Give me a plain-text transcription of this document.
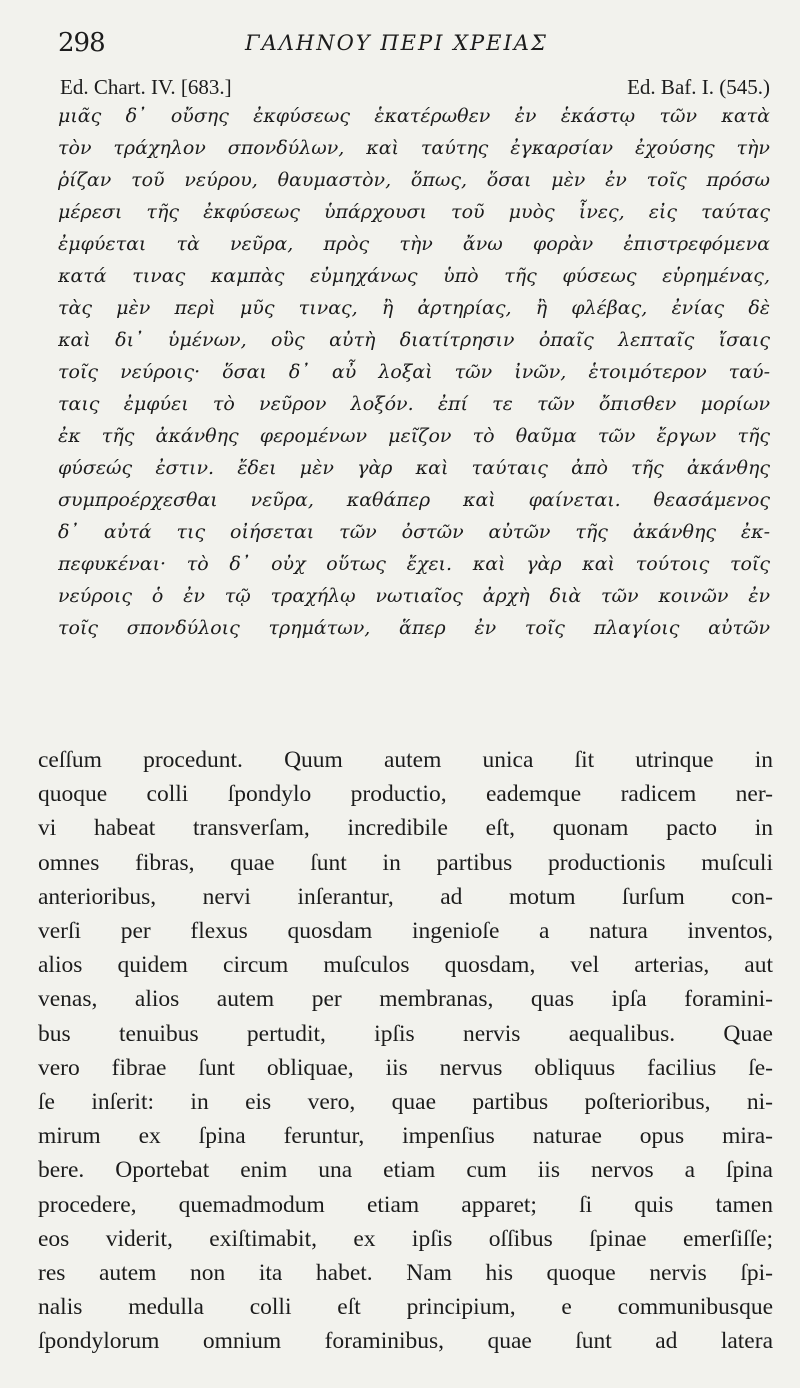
298	ΓΑΛΗΝΟΥ ΠΕΡΙ ΧΡΕΙΑΣ
Ed. Chart. IV. [683.]	Ed. Baf. I. (545.)
μιᾶς δ᾽ οὔσης ἐκφύσεως ἑκατέρωθεν ἐν ἑκάστῳ τῶν κατὰ
τὸν τράχηλον σπονδύλων, καὶ ταύτης ἐγκαρσίαν ἐχούσης τὴν
ῥίζαν τοῦ νεύρου, θαυμαστὸν, ὅπως, ὅσαι μὲν ἐν τοῖς πρόσω
μέρεσι τῆς ἐκφύσεως ὑπάρχουσι τοῦ μυὸς ἶνες, εἰς ταύτας
ἐμφύεται τὰ νεῦρα, πρὸς τὴν ἄνω φορὰν ἐπιστρεφόμενα
κατά τινας καμπὰς εὐμηχάνως ὑπὸ τῆς φύσεως εὑρημένας,
τὰς μὲν περὶ μῦς τινας, ἢ ἀρτηρίας, ἢ φλέβας, ἐνίας δὲ
καὶ δι᾽ ὑμένων, οὓς αὐτὴ διατίτρησιν ὀπαῖς λεπταῖς ἴσαις
τοῖς νεύροις· ὅσαι δ᾽ αὖ λοξαὶ τῶν ἰνῶν, ἑτοιμότερον ταύ-
ταις ἐμφύει τὸ νεῦρον λοξόν. ἐπί τε τῶν ὄπισθεν μορίων
ἐκ τῆς ἀκάνθης φερομένων μεῖζον τὸ θαῦμα τῶν ἔργων τῆς
φύσεώς ἐστιν. ἔδει μὲν γὰρ καὶ ταύταις ἀπὸ τῆς ἀκάνθης
συμπροέρχεσθαι νεῦρα, καθάπερ καὶ φαίνεται. θεασάμενος
δ᾽ αὐτά τις οἰήσεται τῶν ὀστῶν αὐτῶν τῆς ἀκάνθης ἐκ-
πεφυκέναι· τὸ δ᾽ οὐχ οὕτως ἔχει. καὶ γὰρ καὶ τούτοις τοῖς
νεύροις ὁ ἐν τῷ τραχήλῳ νωτιαῖος ἀρχὴ διὰ τῶν κοινῶν ἐν
τοῖς σπονδύλοις τρημάτων, ἅπερ ἐν τοῖς πλαγίοις αὐτῶν
ceſſum procedunt. Quum autem unica ſit utrinque in
quoque colli ſpondylo productio, eademque radicem ner-
vi habeat transverſam, incredibile eſt, quonam pacto in
omnes fibras, quae ſunt in partibus productionis muſculi
anterioribus, nervi inſerantur, ad motum ſurſum con-
verſi per flexus quosdam ingenioſe a natura inventos,
alios quidem circum muſculos quosdam, vel arterias, aut
venas, alios autem per membranas, quas ipſa foramini-
bus tenuibus pertudit, ipſis nervis aequalibus. Quae
vero fibrae ſunt obliquae, iis nervus obliquus facilius ſe-
ſe inſerit: in eis vero, quae partibus poſterioribus, ni-
mirum ex ſpina feruntur, impenſius naturae opus mira-
bere. Oportebat enim una etiam cum iis nervos a ſpina
procedere, quemadmodum etiam apparet; ſi quis tamen
eos viderit, exiſtimabit, ex ipſis oſſibus ſpinae emerſiſſe;
res autem non ita habet. Nam his quoque nervis ſpi-
nalis medulla colli eſt principium, e communibusque
ſpondylorum omnium foraminibus, quae ſunt ad latera
